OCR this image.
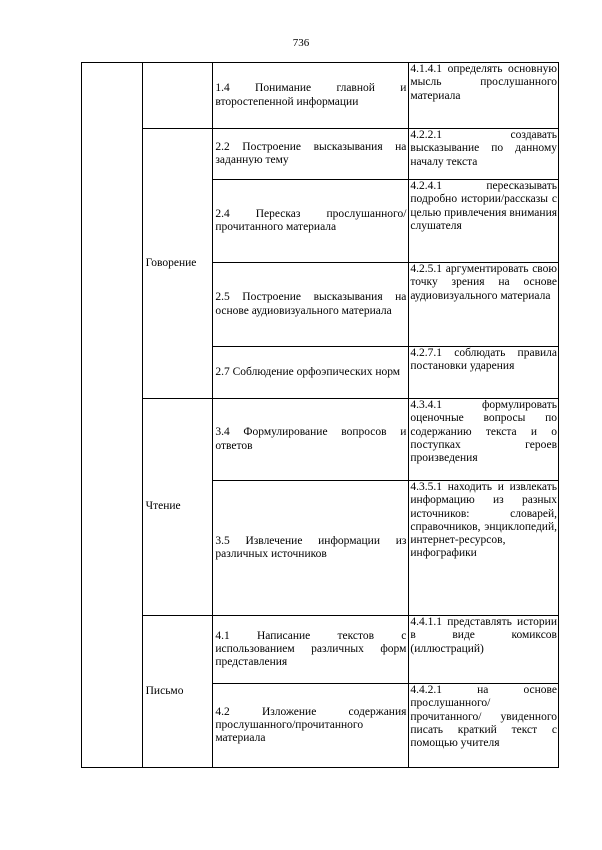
736
		1.4 Понимание главной и второстепенной информации	4.1.4.1 определять основную мысль прослушанного материала
	Говорение	2.2 Построение высказывания на заданную тему	4.2.2.1 создавать высказывание по данному началу текста
		2.4 Пересказ прослушанного/прочитанного материала	4.2.4.1 пересказывать подробно истории/рассказы с целью привлечения внимания слушателя
		2.5 Построение высказывания на основе аудиовизуального материала	4.2.5.1 аргументировать свою точку зрения на основе аудиовизуального материала
		2.7 Соблюдение орфоэпических норм	4.2.7.1 соблюдать правила постановки ударения
	Чтение	3.4 Формулирование вопросов и ответов	4.3.4.1 формулировать оценочные вопросы по содержанию текста и о поступках героев произведения
		3.5 Извлечение информации из различных источников	4.3.5.1 находить и извлекать информацию из разных источников: словарей, справочников, энциклопедий, интернет-ресурсов, инфографики
	Письмо	4.1 Написание текстов с использованием различных форм представления	4.4.1.1 представлять истории в виде комиксов (иллюстраций)
		4.2 Изложение содержания прослушанного/прочитанного материала	4.4.2.1 на основе прослушанного/прочитанного/ увиденного писать краткий текст с помощью учителя
